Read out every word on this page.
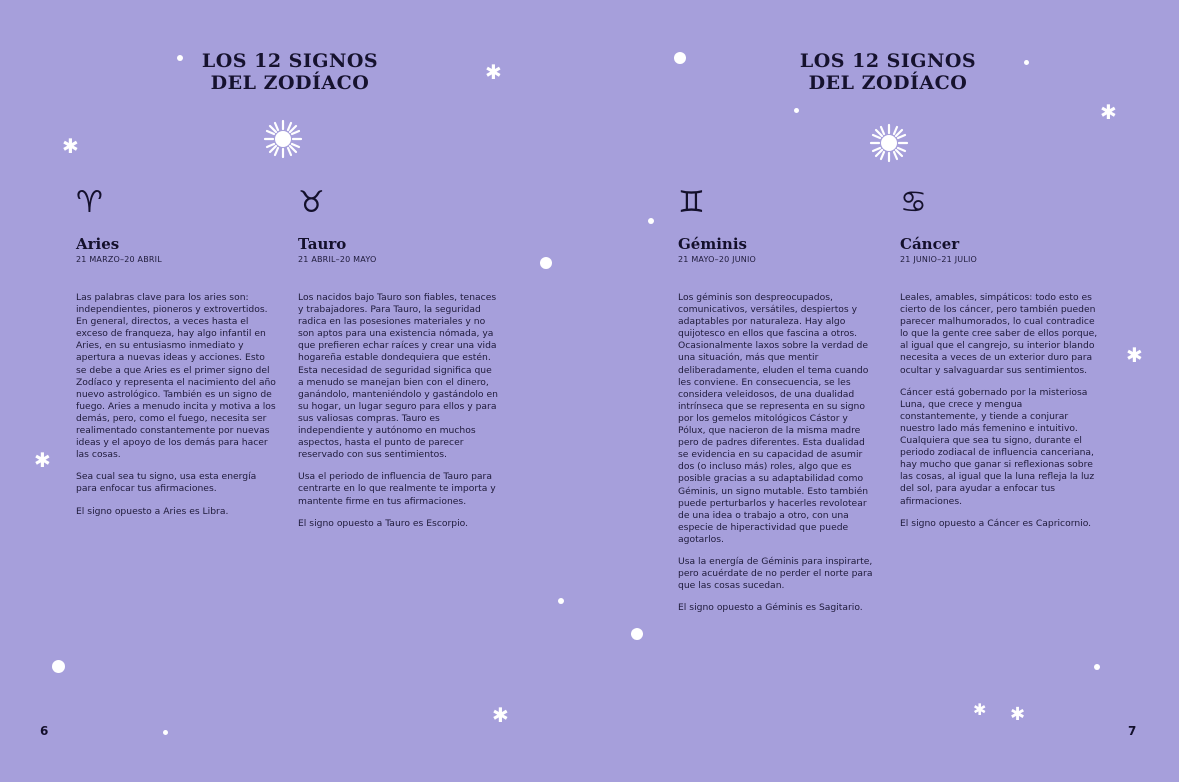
LOS 12 SIGNOS
DEL ZODÍACO
♈
Aries
21 MARZO–20 ABRIL

Las palabras clave para los aries son: independientes, pioneros y extrovertidos. En general, directos, a veces hasta el exceso de franqueza, hay algo infantil en Aries, en su entusiasmo inmediato y apertura a nuevas ideas y acciones. Esto se debe a que Aries es el primer signo del Zodíaco y representa el nacimiento del año nuevo astrológico. También es un signo de fuego. Aries a menudo incita y motiva a los demás, pero, como el fuego, necesita ser realimentado constantemente por nuevas ideas y el apoyo de los demás para hacer las cosas.

Sea cual sea tu signo, usa esta energía para enfocar tus afirmaciones.

El signo opuesto a Aries es Libra.

♉
Tauro
21 ABRIL–20 MAYO

Los nacidos bajo Tauro son fiables, tenaces y trabajadores. Para Tauro, la seguridad radica en las posesiones materiales y no son aptos para una existencia nómada, ya que prefieren echar raíces y crear una vida hogareña estable dondequiera que estén. Esta necesidad de seguridad significa que a menudo se manejan bien con el dinero, ganándolo, manteniéndolo y gastándolo en su hogar, un lugar seguro para ellos y para sus valiosas compras. Tauro es independiente y autónomo en muchos aspectos, hasta el punto de parecer reservado con sus sentimientos.

Usa el periodo de influencia de Tauro para centrarte en lo que realmente te importa y mantente firme en tus afirmaciones.

El signo opuesto a Tauro es Escorpio.

6
✱
✱
✱
✱
LOS 12 SIGNOS
DEL ZODÍACO
♊
Géminis
21 MAYO–20 JUNIO

Los géminis son despreocupados, comunicativos, versátiles, despiertos y adaptables por naturaleza. Hay algo quijotesco en ellos que fascina a otros. Ocasionalmente laxos sobre la verdad de una situación, más que mentir deliberadamente, eluden el tema cuando les conviene. En consecuencia, se les considera veleidosos, de una dualidad intrínseca que se representa en su signo por los gemelos mitológicos Cástor y Pólux, que nacieron de la misma madre pero de padres diferentes. Esta dualidad se evidencia en su capacidad de asumir dos (o incluso más) roles, algo que es posible gracias a su adaptabilidad como Géminis, un signo mutable. Esto también puede perturbarlos y hacerles revolotear de una idea o trabajo a otro, con una especie de hiperactividad que puede agotarlos.

Usa la energía de Géminis para inspirarte, pero acuérdate de no perder el norte para que las cosas sucedan.

El signo opuesto a Géminis es Sagitario.

♋
Cáncer
21 JUNIO–21 JULIO

Leales, amables, simpáticos: todo esto es cierto de los cáncer, pero también pueden parecer malhumorados, lo cual contradice lo que la gente cree saber de ellos porque, al igual que el cangrejo, su interior blando necesita a veces de un exterior duro para ocultar y salvaguardar sus sentimientos.

Cáncer está gobernado por la misteriosa Luna, que crece y mengua constantemente, y tiende a conjurar nuestro lado más femenino e intuitivo. Cualquiera que sea tu signo, durante el periodo zodiacal de influencia canceriana, hay mucho que ganar si reflexionas sobre las cosas, al igual que la luna refleja la luz del sol, para ayudar a enfocar tus afirmaciones.

El signo opuesto a Cáncer es Capricornio.

7
✱
✱
✱ ✱
